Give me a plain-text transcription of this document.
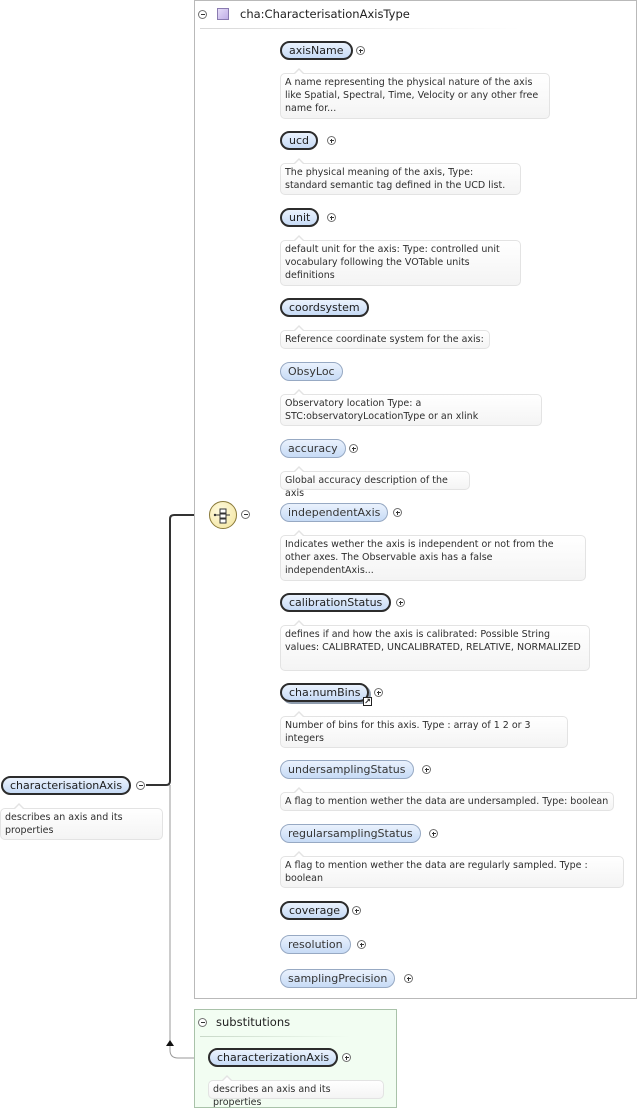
cha:CharacterisationAxisType
characterisationAxis
describes an axis and its properties
axisName
A name representing the physical nature of the axis like Spatial, Spectral, Time, Velocity or any other free name for...
ucd
The physical meaning of the axis, Type: standard semantic tag defined in the UCD list.
unit
default unit for the axis: Type: controlled unit vocabulary following the VOTable units definitions
coordsystem
Reference coordinate system for the axis:
ObsyLoc
Observatory location Type: a STC:observatoryLocationType or an xlink
accuracy
Global accuracy description of the axis
independentAxis
Indicates wether the axis is independent or not from the other axes. The Observable axis has a false independentAxis...
calibrationStatus
defines if and how the axis is calibrated: Possible String values: CALIBRATED, UNCALIBRATED, RELATIVE, NORMALIZED
cha:numBins
↗
Number of bins for this axis. Type : array of 1 2 or 3 integers
undersamplingStatus
A flag to mention wether the data are undersampled. Type: boolean
regularsamplingStatus
A flag to mention wether the data are regularly sampled. Type : boolean
coverage
resolution
samplingPrecision
substitutions
characterizationAxis
describes an axis and its properties
